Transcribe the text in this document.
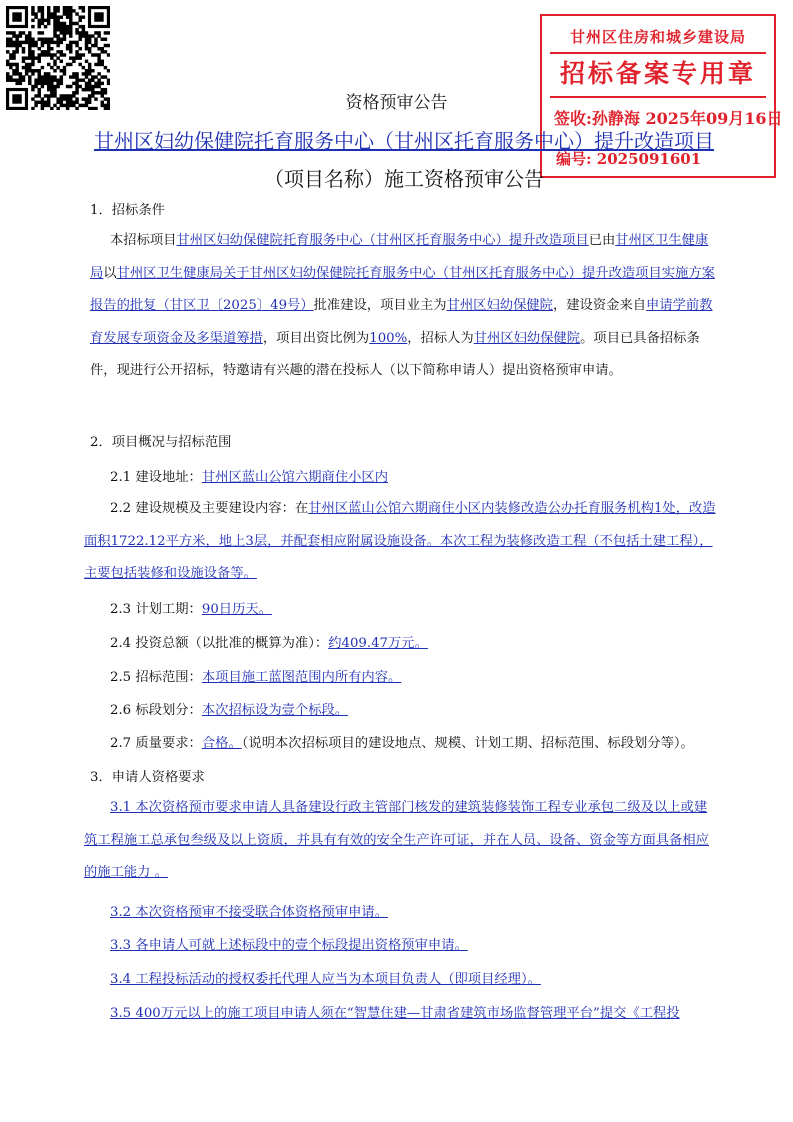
甘州区住房和城乡建设局
招标备案专用章
签收:孙静海 2025年09月16日
编号: 2025091601
资格预审公告
甘州区妇幼保健院托育服务中心（甘州区托育服务中心）提升改造项目（项目名称）施工资格预审公告
1．招标条件
本招标项目甘州区妇幼保健院托育服务中心（甘州区托育服务中心）提升改造项目已由甘州区卫生健康局以甘州区卫生健康局关于甘州区妇幼保健院托育服务中心（甘州区托育服务中心）提升改造项目实施方案报告的批复（甘区卫〔2025〕49号）批准建设，项目业主为甘州区妇幼保健院，建设资金来自申请学前教育发展专项资金及多渠道筹措，项目出资比例为100%，招标人为甘州区妇幼保健院。项目已具备招标条件，现进行公开招标，特邀请有兴趣的潜在投标人（以下简称申请人）提出资格预审申请。
2．项目概况与招标范围
2.1 建设地址：甘州区蓝山公馆六期商住小区内
2.2 建设规模及主要建设内容：在甘州区蓝山公馆六期商住小区内装修改造公办托育服务机构1处，改造面积1722.12平方米，地上3层，并配套相应附属设施设备。本次工程为装修改造工程（不包括土建工程），主要包括装修和设施设备等。
2.3 计划工期：90日历天。
2.4 投资总额（以批准的概算为准）：约409.47万元。
2.5 招标范围：本项目施工蓝图范围内所有内容。
2.6 标段划分：本次招标设为壹个标段。
2.7 质量要求：合格。（说明本次招标项目的建设地点、规模、计划工期、招标范围、标段划分等）。
3．申请人资格要求
3.1 本次资格预市要求申请人具备建设行政主管部门核发的建筑装修装饰工程专业承包二级及以上或建筑工程施工总承包叁级及以上资质，并具有有效的安全生产许可证，并在人员、设备、资金等方面具备相应的施工能力 。
3.2 本次资格预审不接受联合体资格预审申请。
3.3 各申请人可就上述标段中的壹个标段提出资格预审申请。
3.4 工程投标活动的授权委托代理人应当为本项目负责人（即项目经理）。
3.5 400万元以上的施工项目申请人须在“智慧住建—甘肃省建筑市场监督管理平台”提交《工程投
